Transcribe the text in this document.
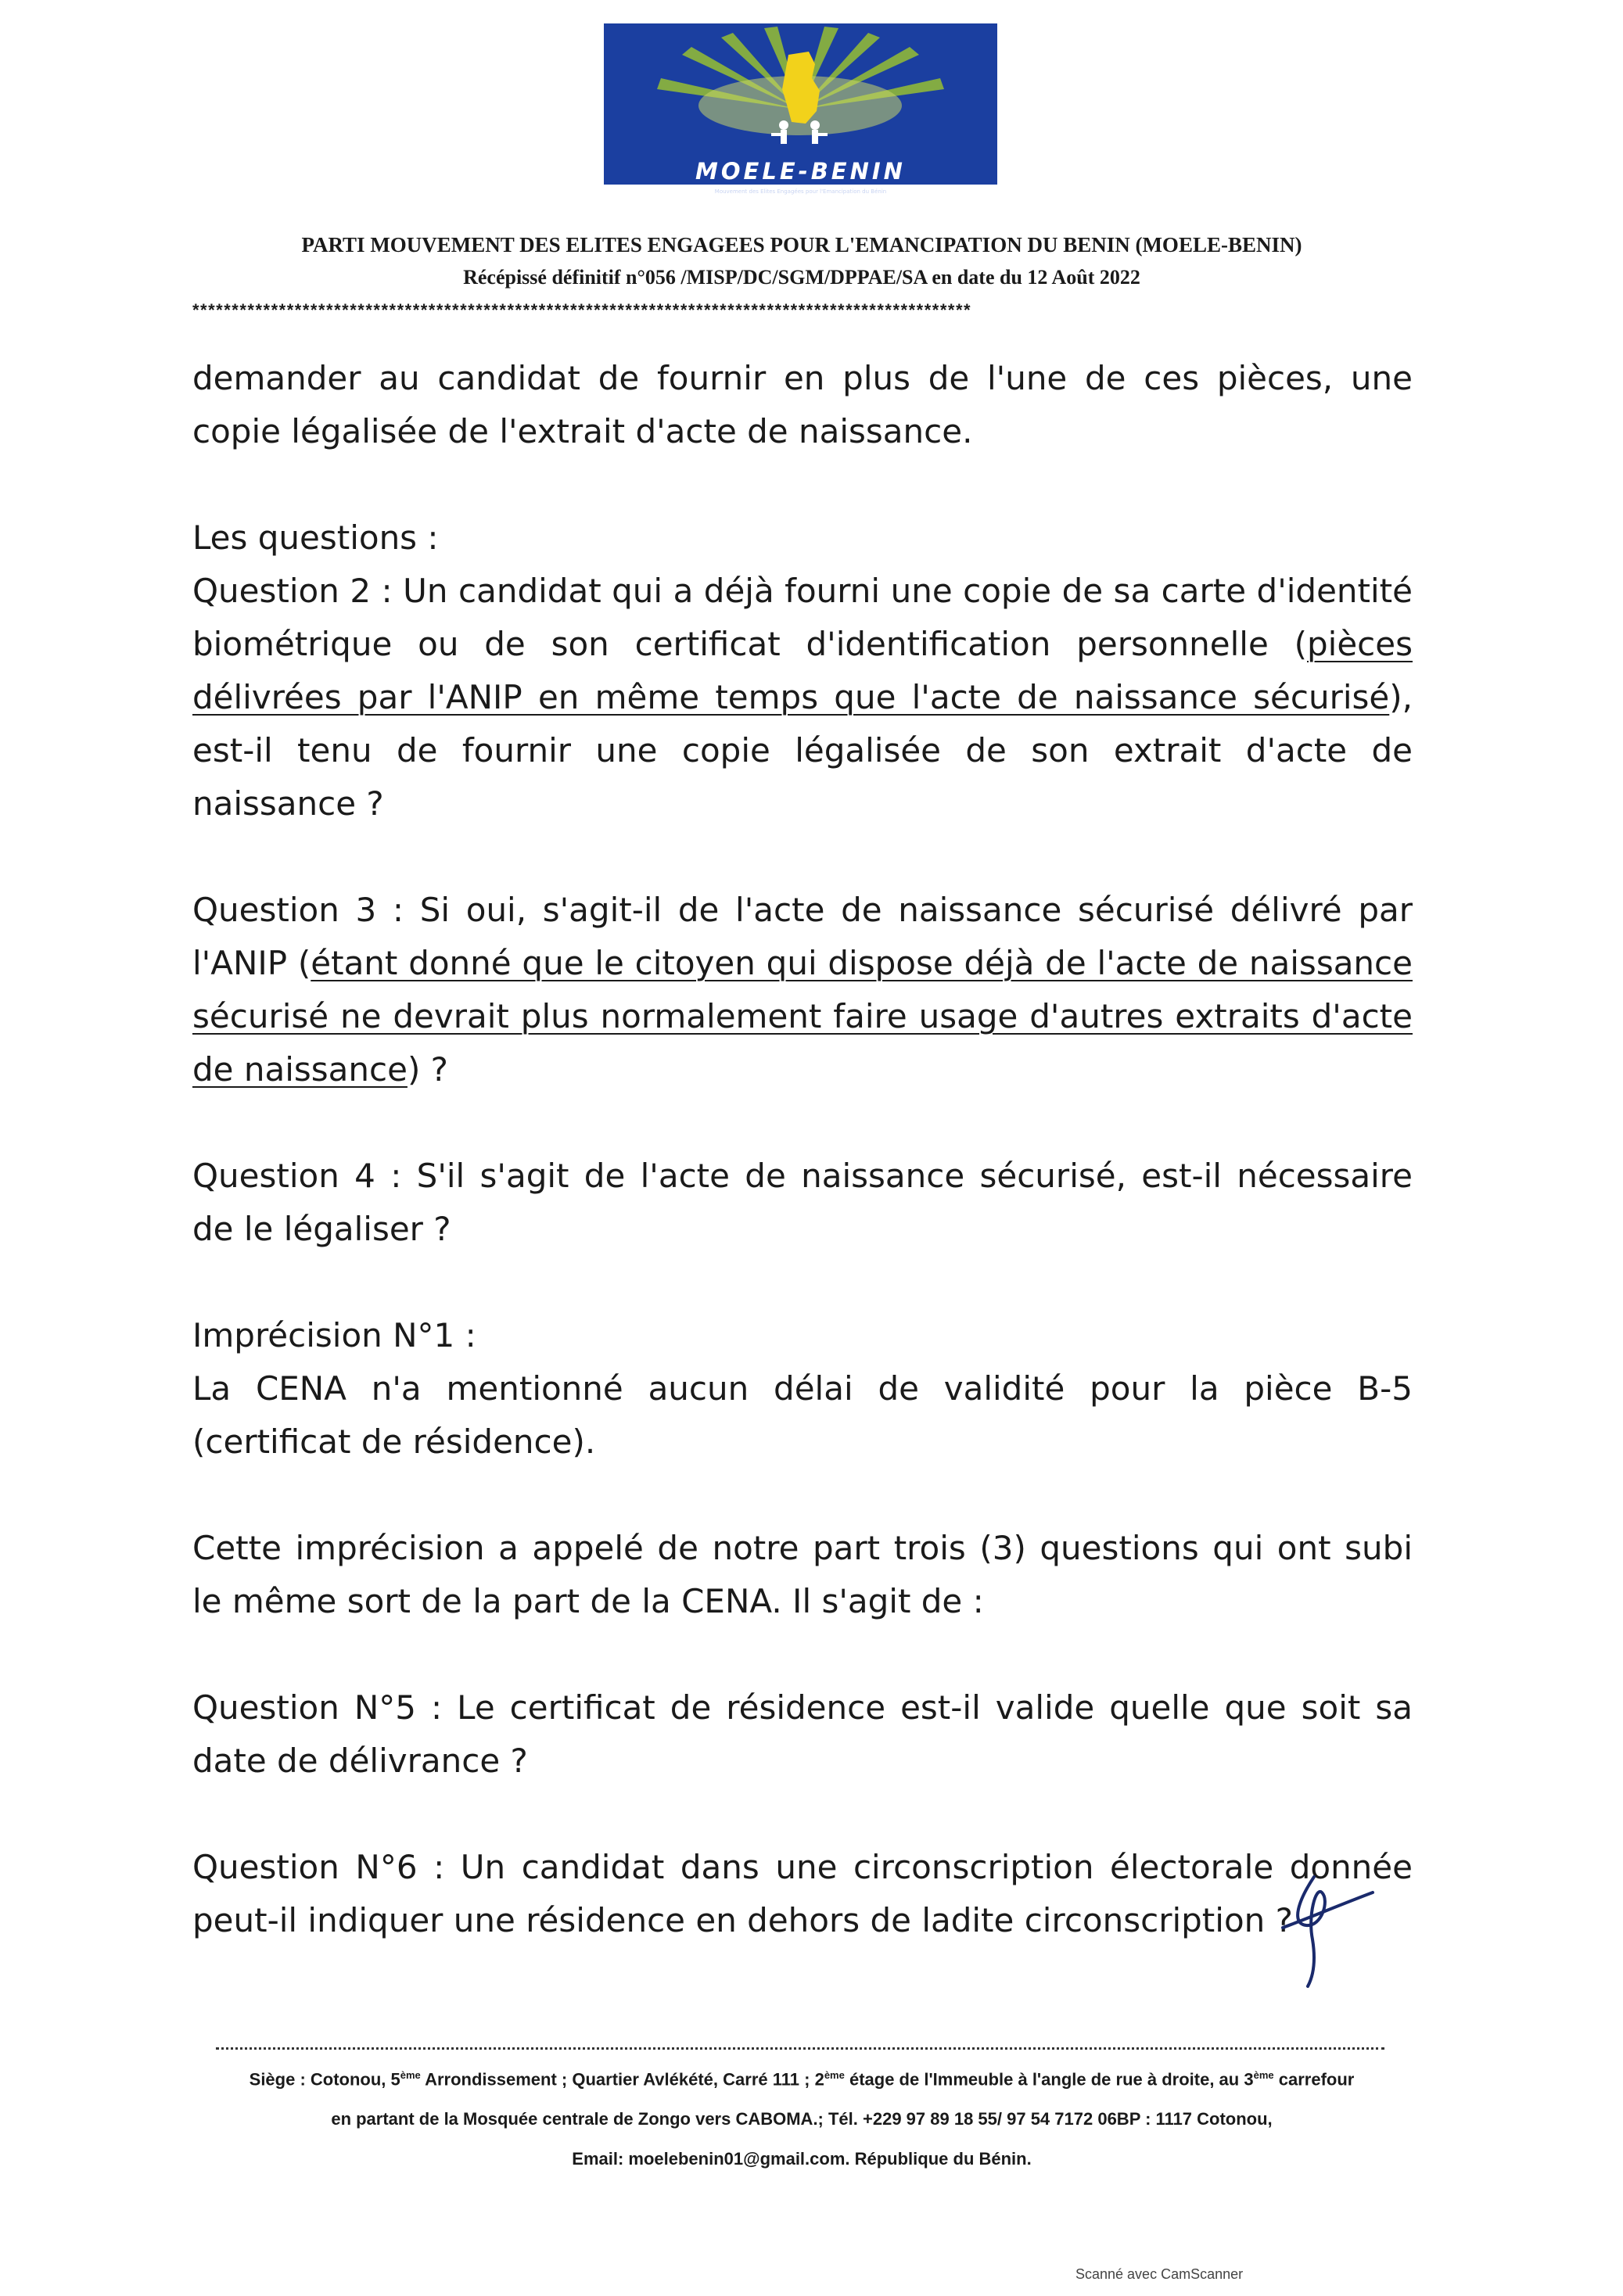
MOELE-BENIN
Mouvement des Elites Engagées pour l'Emancipation du Bénin
PARTI MOUVEMENT DES ELITES ENGAGEES POUR L'EMANCIPATION DU BENIN (MOELE-BENIN)
Récépissé définitif n°056 /MISP/DC/SGM/DPPAE/SA en date du 12 Août 2022
***************************************************************************************************

demander au candidat de fournir en plus de l'une de ces pièces, une copie légalisée de l'extrait d'acte de naissance.

Les questions :

Question 2 : Un candidat qui a déjà fourni une copie de sa carte d'identité biométrique ou de son certificat d'identification personnelle (pièces délivrées par l'ANIP en même temps que l'acte de naissance sécurisé), est-il tenu de fournir une copie légalisée de son extrait d'acte de naissance ?

Question 3 : Si oui, s'agit-il de l'acte de naissance sécurisé délivré par l'ANIP (étant donné que le citoyen qui dispose déjà de l'acte de naissance sécurisé ne devrait plus normalement faire usage d'autres extraits d'acte de naissance) ?

Question 4 : S'il s'agit de l'acte de naissance sécurisé, est-il nécessaire de le légaliser ?

Imprécision N°1 :

La CENA n'a mentionné aucun délai de validité pour la pièce B-5 (certificat de résidence).

Cette imprécision a appelé de notre part trois (3) questions qui ont subi le même sort de la part de la CENA. Il s'agit de :

Question N°5 : Le certificat de résidence est-il valide quelle que soit sa date de délivrance ?

Question N°6 : Un candidat dans une circonscription électorale donnée peut-il indiquer une résidence en dehors de ladite circonscription ?

Siège : Cotonou, 5ème Arrondissement ; Quartier Avlékété, Carré 111 ; 2ème étage de l'Immeuble à l'angle de rue à droite, au 3ème carrefour
en partant de la Mosquée centrale de Zongo vers CABOMA.; Tél. +229 97 89 18 55/ 97 54 7172 06BP : 1117 Cotonou,
Email: moelebenin01@gmail.com. République du Bénin.
Scanné avec CamScanner
